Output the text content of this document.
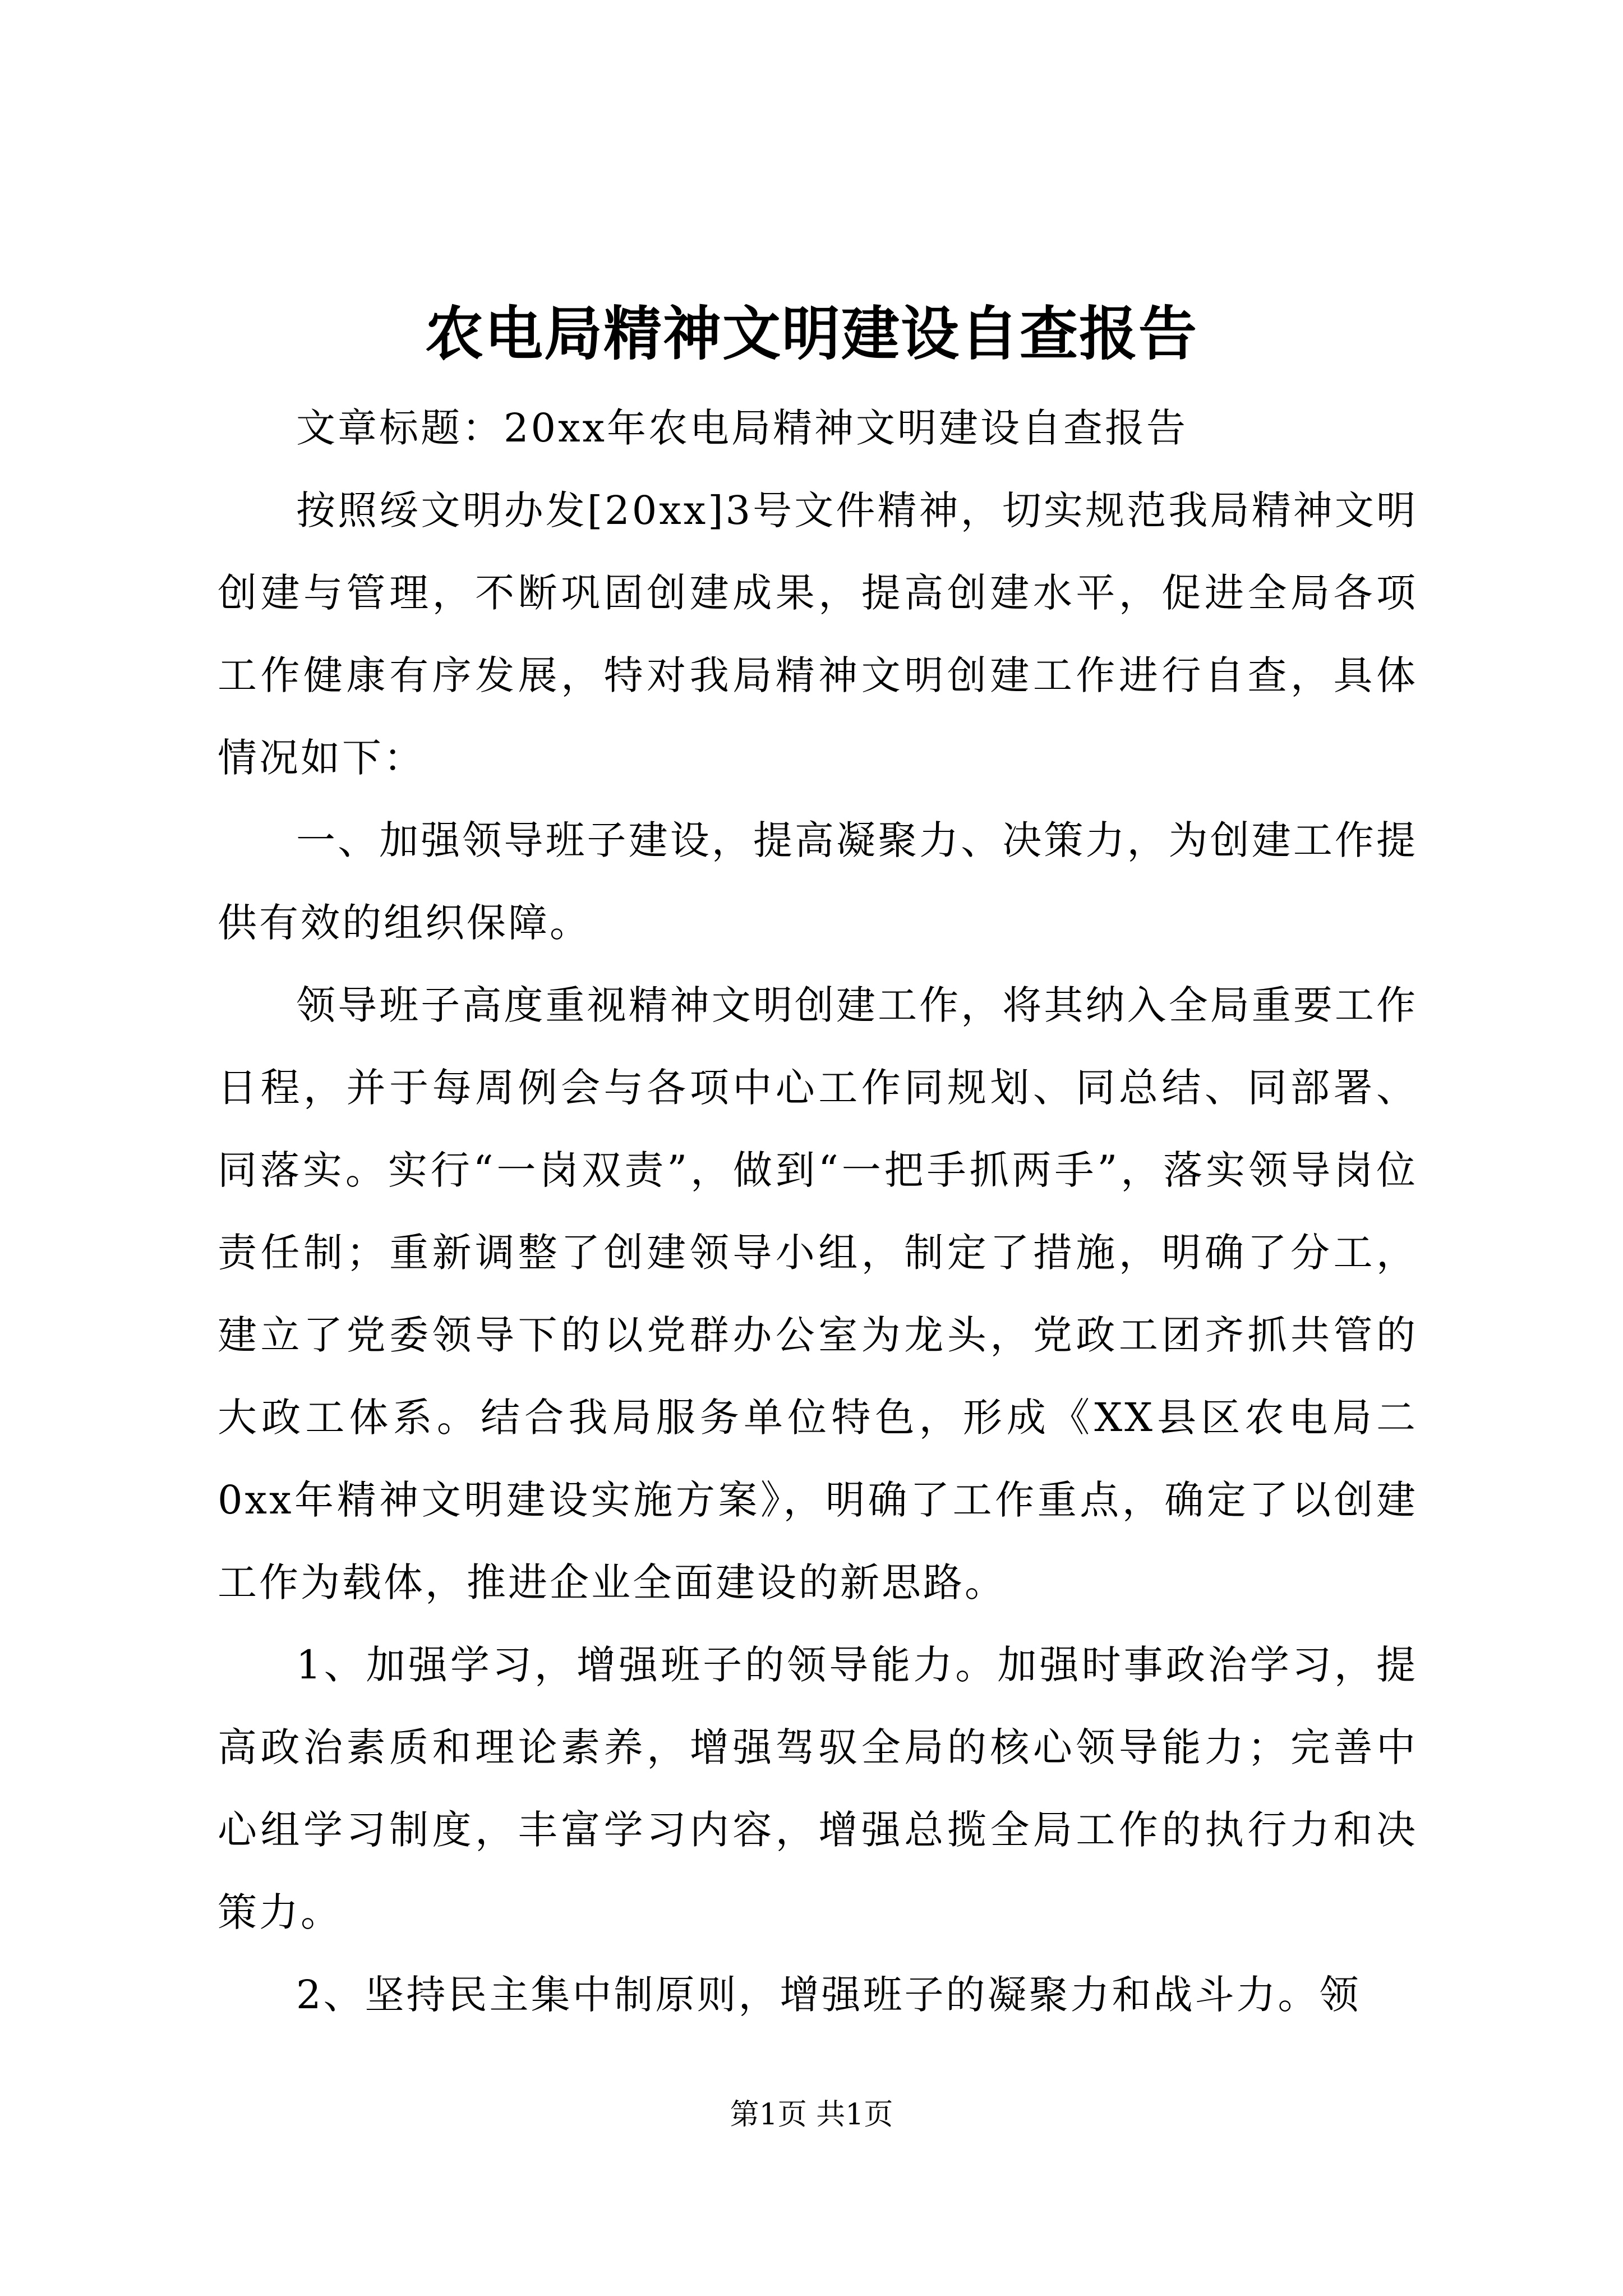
农电局精神文明建设自查报告

文章标题：20xx年农电局精神文明建设自查报告

按照绥文明办发[20xx]3号文件精神，切实规范我局精神文明创建与管理，不断巩固创建成果，提高创建水平，促进全局各项工作健康有序发展，特对我局精神文明创建工作进行自查，具体情况如下：

一、加强领导班子建设，提高凝聚力、决策力，为创建工作提供有效的组织保障。

领导班子高度重视精神文明创建工作，将其纳入全局重要工作日程，并于每周例会与各项中心工作同规划、同总结、同部署、同落实。实行“一岗双责”，做到“一把手抓两手”，落实领导岗位责任制；重新调整了创建领导小组，制定了措施，明确了分工，建立了党委领导下的以党群办公室为龙头，党政工团齐抓共管的大政工体系。结合我局服务单位特色，形成《XX县区农电局二0xx年精神文明建设实施方案》，明确了工作重点，确定了以创建工作为载体，推进企业全面建设的新思路。

1、加强学习，增强班子的领导能力。加强时事政治学习，提高政治素质和理论素养，增强驾驭全局的核心领导能力；完善中心组学习制度，丰富学习内容，增强总揽全局工作的执行力和决策力。

2、坚持民主集中制原则，增强班子的凝聚力和战斗力。领

第1页 共1页
